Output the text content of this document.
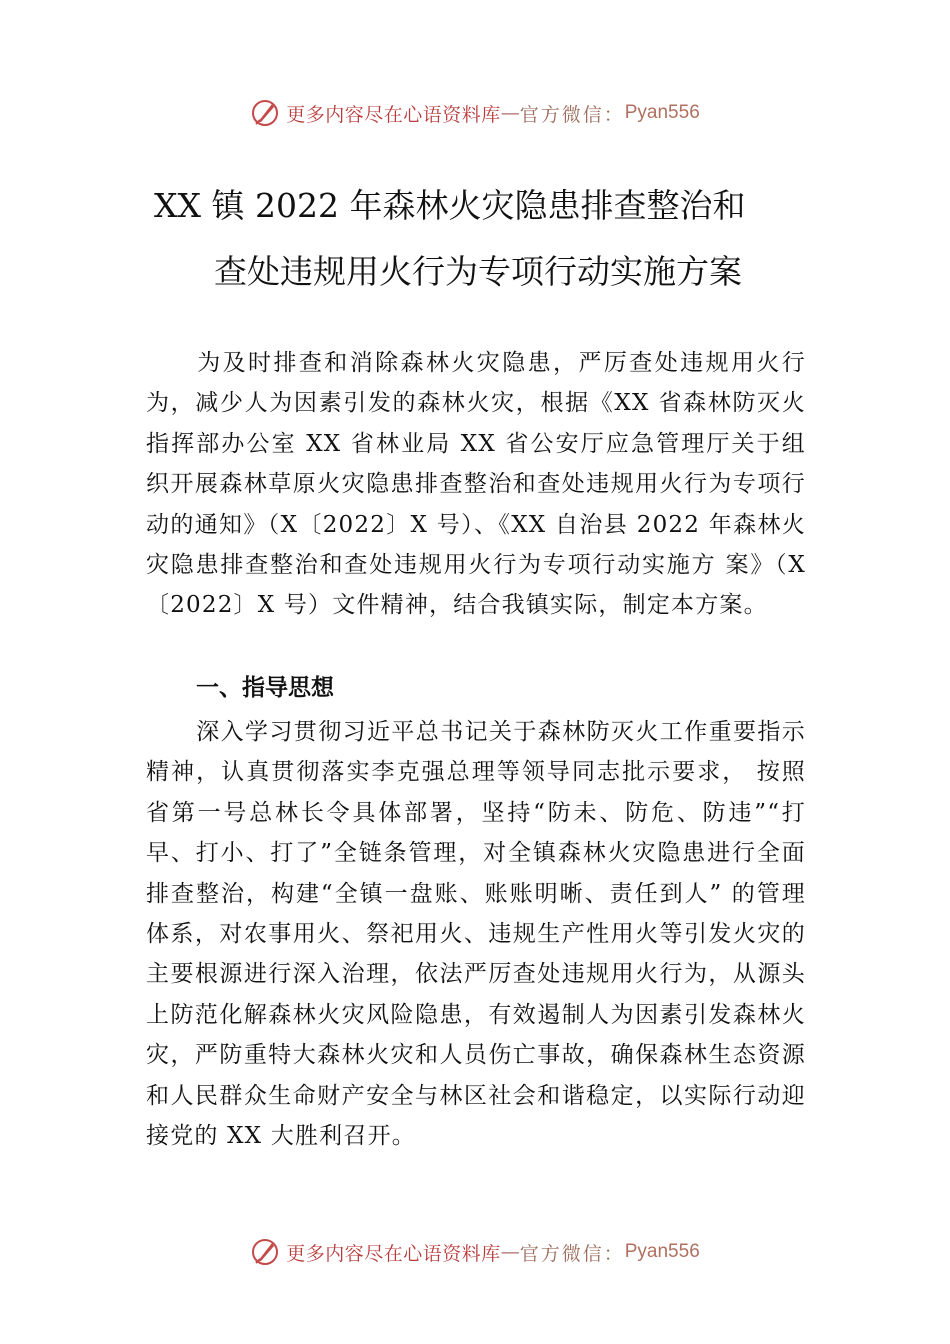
更多内容尽在心语资料库 — 官方微信： Pyan556
XX 镇 2022 年森林火灾隐患排查整治和
查处违规用火行为专项行动实施方案
为及时排查和消除森林火灾隐患，严厉查处违规用火行为，减少人为因素引发的森林火灾，根据《XX 省森林防灭火指挥部办公室 XX 省林业局 XX 省公安厅应急管理厅关于组织开展森林草原火灾隐患排查整治和查处违规用火行为专项行动的通知》（X〔2022〕X 号）、《XX 自治县 2022 年森林火灾隐患排查整治和查处违规用火行为专项行动实施方 案》（X〔2022〕X 号）文件精神，结合我镇实际，制定本方案。
一、指导思想
深入学习贯彻习近平总书记关于森林防灭火工作重要指示精神，认真贯彻落实李克强总理等领导同志批示要求， 按照省第一号总林长令具体部署，坚持“防未、防危、防违”“打早、打小、打了”全链条管理，对全镇森林火灾隐患进行全面排查整治，构建“全镇一盘账、账账明晰、责任到人” 的管理体系，对农事用火、祭祀用火、违规生产性用火等引发火灾的主要根源进行深入治理，依法严厉查处违规用火行为，从源头上防范化解森林火灾风险隐患，有效遏制人为因素引发森林火灾，严防重特大森林火灾和人员伤亡事故，确保森林生态资源和人民群众生命财产安全与林区社会和谐稳定，以实际行动迎接党的 XX 大胜利召开。
更多内容尽在心语资料库 — 官方微信： Pyan556
